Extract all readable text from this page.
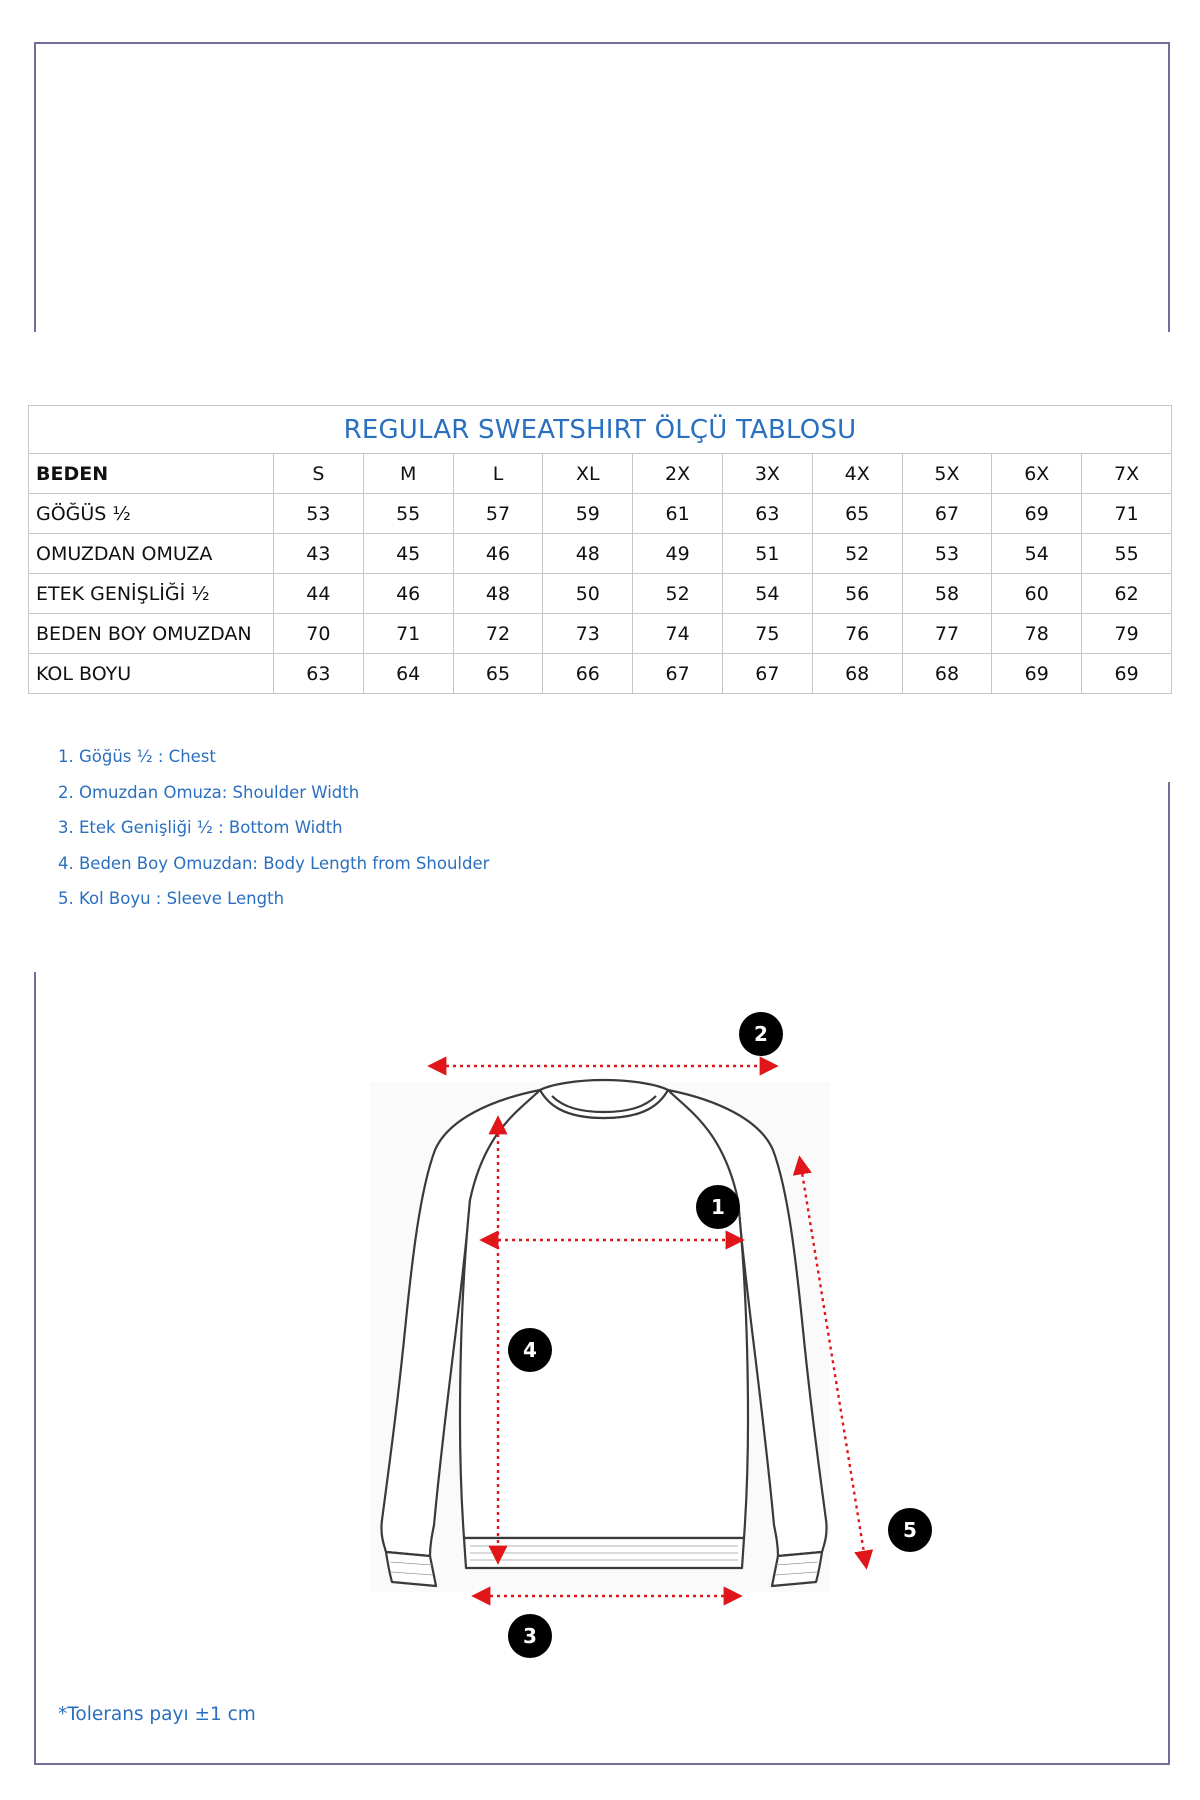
REGULAR SWEATSHIRT ÖLÇÜ TABLOSU										
BEDEN	S	M	L	XL	2X	3X	4X	5X	6X	7X
GÖĞÜS ½	53	55	57	59	61	63	65	67	69	71
OMUZDAN OMUZA	43	45	46	48	49	51	52	53	54	55
ETEK GENİŞLİĞİ ½	44	46	48	50	52	54	56	58	60	62
BEDEN BOY OMUZDAN	70	71	72	73	74	75	76	77	78	79
KOL BOYU	63	64	65	66	67	67	68	68	69	69
1. Göğüs ½ : Chest
2. Omuzdan Omuza: Shoulder Width
3. Etek Genişliği ½ : Bottom Width
4. Beden Boy Omuzdan: Body Length from Shoulder
5. Kol Boyu : Sleeve Length
2
1
4
5
3
*Tolerans payı ±1 cm
